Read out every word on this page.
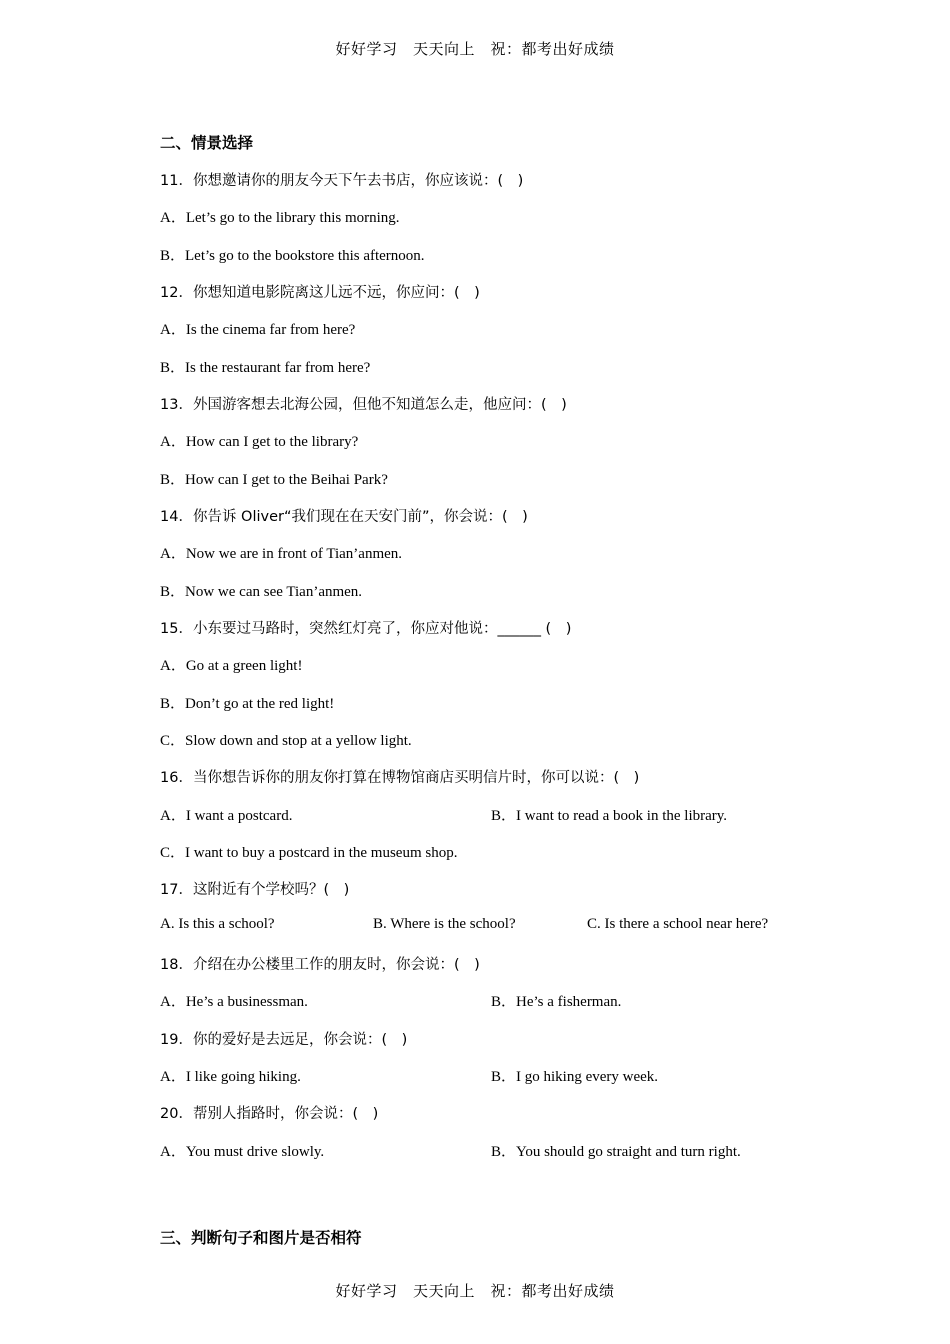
好好学习　天天向上　祝：都考出好成绩
二、情景选择
11．你想邀请你的朋友今天下午去书店，你应该说：(　)
A．Let’s go to the library this morning.
B．Let’s go to the bookstore this afternoon.
12．你想知道电影院离这儿远不远，你应问：(　)
A．Is the cinema far from here?
B．Is the restaurant far from here?
13．外国游客想去北海公园，但他不知道怎么走，他应问：(　)
A．How can I get to the library?
B．How can I get to the Beihai Park?
14．你告诉 Oliver“我们现在在天安门前”，你会说：(　)
A．Now we are in front of Tian’anmen.
B．Now we can see Tian’anmen.
15．小东要过马路时，突然红灯亮了，你应对他说：______ (　)
A．Go at a green light!
B．Don’t go at the red light!
C．Slow down and stop at a yellow light.
16．当你想告诉你的朋友你打算在博物馆商店买明信片时，你可以说：(　)
A．I want a postcard.	B．I want to read a book in the library.
C．I want to buy a postcard in the museum shop.
17．这附近有个学校吗？(　)
A. Is this a school?	B. Where is the school?	C. Is there a school near here?
18．介绍在办公楼里工作的朋友时，你会说：(　)
A．He’s a businessman.	B．He’s a fisherman.
19．你的爱好是去远足，你会说：(　)
A．I like going hiking.	B．I go hiking every week.
20．帮别人指路时，你会说：(　)
A．You must drive slowly.	B．You should go straight and turn right.
三、判断句子和图片是否相符
好好学习　天天向上　祝：都考出好成绩
